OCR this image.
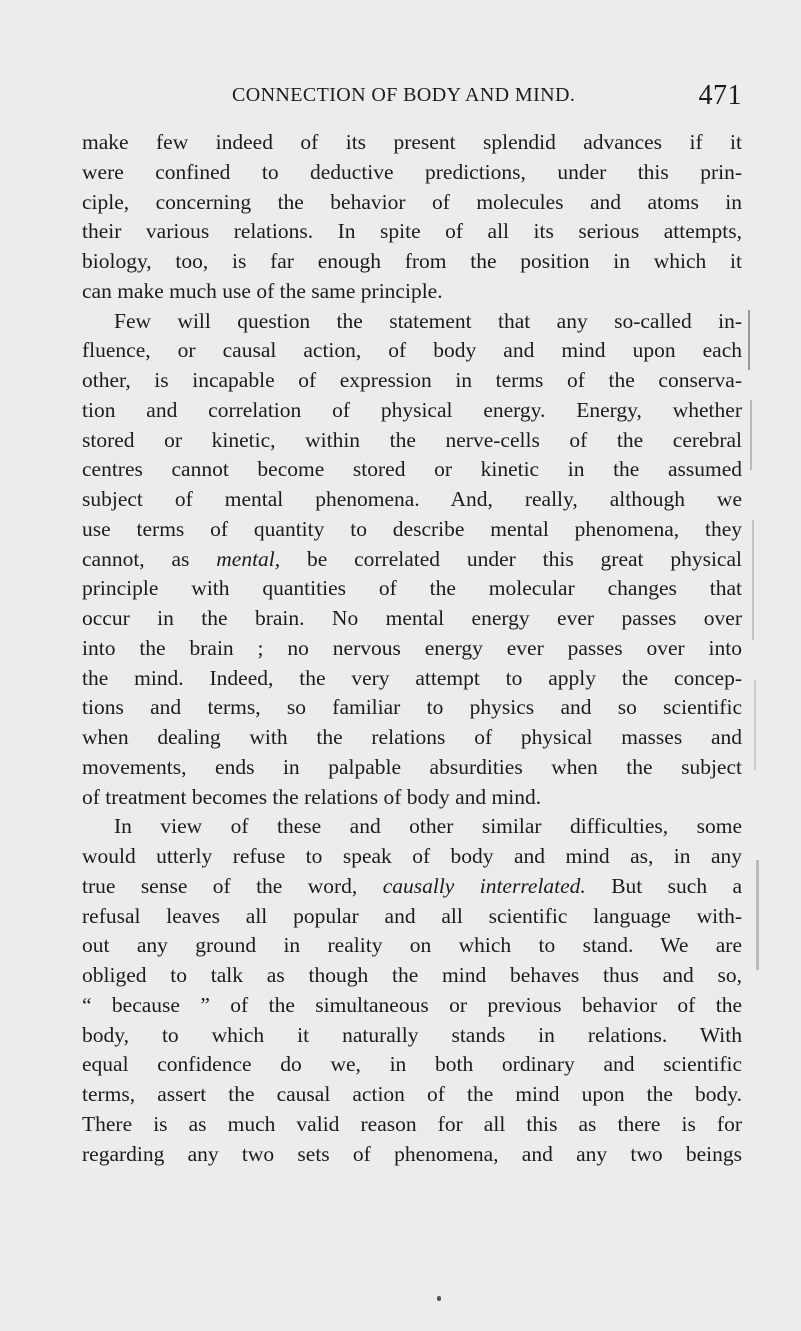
CONNECTION OF BODY AND MIND.	471
make few indeed of its present splendid advances if it
were confined to deductive predictions, under this prin-
ciple, concerning the behavior of molecules and atoms in
their various relations. In spite of all its serious attempts,
biology, too, is far enough from the position in which it
can make much use of the same principle.
Few will question the statement that any so-called in-
fluence, or causal action, of body and mind upon each
other, is incapable of expression in terms of the conserva-
tion and correlation of physical energy. Energy, whether
stored or kinetic, within the nerve-cells of the cerebral
centres cannot become stored or kinetic in the assumed
subject of mental phenomena. And, really, although we
use terms of quantity to describe mental phenomena, they
cannot, as mental, be correlated under this great physical
principle with quantities of the molecular changes that
occur in the brain. No mental energy ever passes over
into the brain ; no nervous energy ever passes over into
the mind. Indeed, the very attempt to apply the concep-
tions and terms, so familiar to physics and so scientific
when dealing with the relations of physical masses and
movements, ends in palpable absurdities when the subject
of treatment becomes the relations of body and mind.
In view of these and other similar difficulties, some
would utterly refuse to speak of body and mind as, in any
true sense of the word, causally interrelated. But such a
refusal leaves all popular and all scientific language with-
out any ground in reality on which to stand. We are
obliged to talk as though the mind behaves thus and so,
“ because ” of the simultaneous or previous behavior of the
body, to which it naturally stands in relations. With
equal confidence do we, in both ordinary and scientific
terms, assert the causal action of the mind upon the body.
There is as much valid reason for all this as there is for
regarding any two sets of phenomena, and any two beings
